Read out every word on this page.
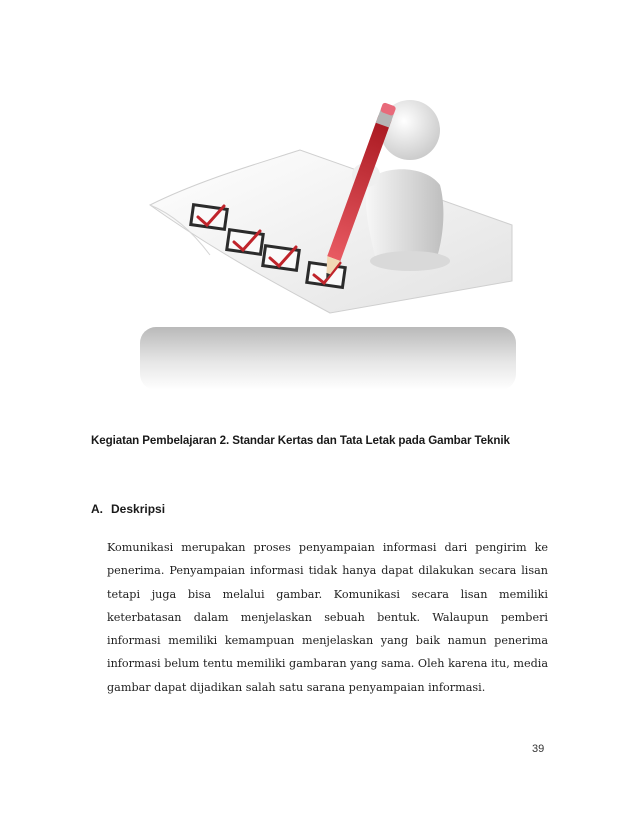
Kegiatan Pembelajaran 2. Standar Kertas dan Tata Letak pada Gambar Teknik
A. Deskripsi

Komunikasi merupakan proses penyampaian informasi dari pengirim ke penerima. Penyampaian informasi tidak hanya dapat dilakukan secara lisan tetapi juga bisa melalui gambar. Komunikasi secara lisan memiliki keterbatasan dalam menjelaskan sebuah bentuk. Walaupun pemberi informasi memiliki kemampuan menjelaskan yang baik namun penerima informasi belum tentu memiliki gambaran yang sama. Oleh karena itu, media gambar dapat dijadikan salah satu sarana penyampaian informasi.

39
